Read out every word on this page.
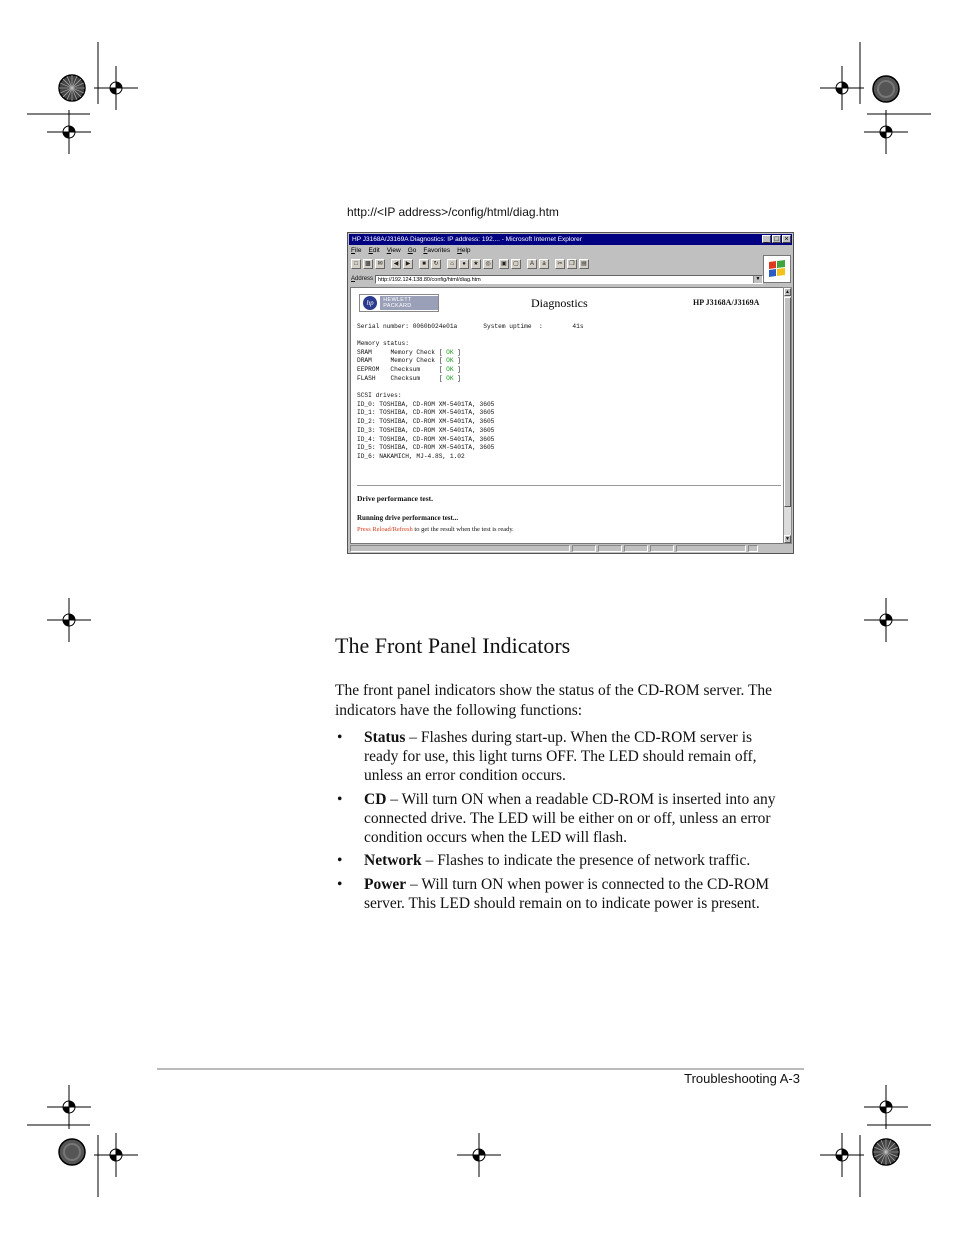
http://<IP address>/config/html/diag.htm
HP J3168A/J3169A Diagnostics: IP address: 192.... - Microsoft Internet Explorer	_ □ ×
File Edit View Go Favorites Help
□	▩	✉	◀	▶	■	↻	⌂	●	★	◎	▣	▢	A	a	✂	❐	▤
Address http://192.124.138.80/config/html/diag.htm	▼
hp	HEWLETT PACKARD	Diagnostics	HP J3168A/J3169A
Serial number: 0060b024e01a	System uptime  :	41s
Memory status:
SRAM	Memory Check [ OK ]
DRAM	Memory Check [ OK ]
EEPROM Checksum     [ OK ]
FLASH Checksum     [ OK ]
SCSI drives:
ID_0: TOSHIBA, CD-ROM XM-5401TA, 3605
ID_1: TOSHIBA, CD-ROM XM-5401TA, 3605
ID_2: TOSHIBA, CD-ROM XM-5401TA, 3605
ID_3: TOSHIBA, CD-ROM XM-5401TA, 3605
ID_4: TOSHIBA, CD-ROM XM-5401TA, 3605
ID_5: TOSHIBA, CD-ROM XM-5401TA, 3605
ID_6: NAKAMICH, MJ-4.8S, 1.02
Drive performance test.
Running drive performance test...
Press Reload/Refresh to get the result when the test is ready.
▲
▼
The Front Panel Indicators
The front panel indicators show the status of the CD-ROM server. The indicators have the following functions:
• Status – Flashes during start-up. When the CD-ROM server is ready for use, this light turns OFF. The LED should remain off, unless an error condition occurs.
• CD – Will turn ON when a readable CD-ROM is inserted into any connected drive. The LED will be either on or off, unless an error condition occurs when the LED will flash.
• Network – Flashes to indicate the presence of network traffic.
• Power – Will turn ON when power is connected to the CD-ROM server. This LED should remain on to indicate power is present.
Troubleshooting A-3
